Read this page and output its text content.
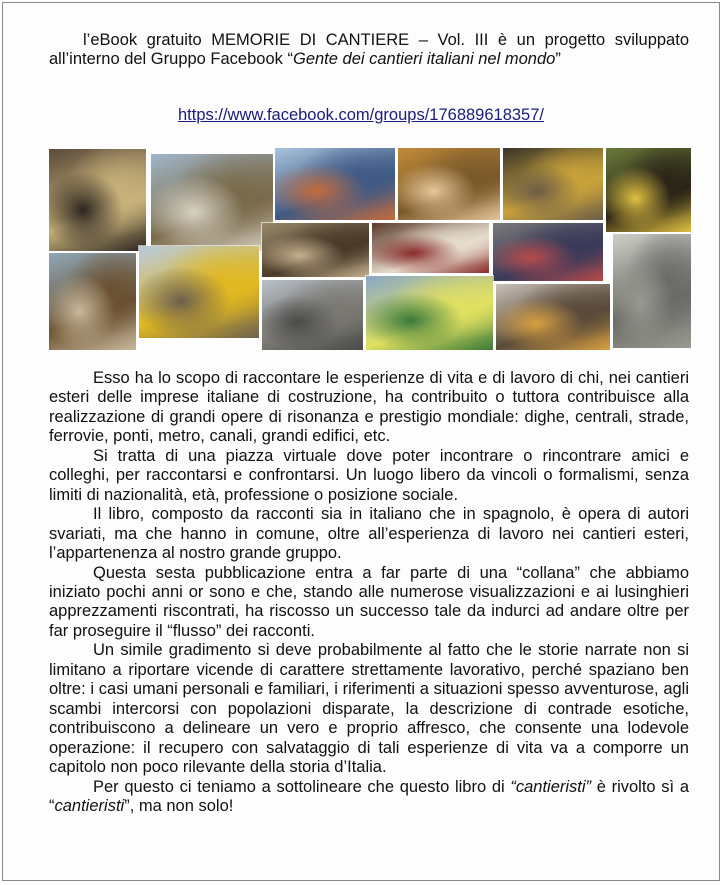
l’eBook gratuito MEMORIE DI CANTIERE – Vol. III è un progetto sviluppato all’interno del Gruppo Facebook “Gente dei cantieri italiani nel mondo”
https://www.facebook.com/groups/176889618357/

Esso ha lo scopo di raccontare le esperienze di vita e di lavoro di chi, nei cantieri esteri delle imprese italiane di costruzione, ha contribuito o tuttora contribuisce alla realizzazione di grandi opere di risonanza e prestigio mondiale: dighe, centrali, strade, ferrovie, ponti, metro, canali, grandi edifici, etc.

Si tratta di una piazza virtuale dove poter incontrare o rincontrare amici e colleghi, per raccontarsi e confrontarsi. Un luogo libero da vincoli o formalismi, senza limiti di nazionalità, età, professione o posizione sociale.

Il libro, composto da racconti sia in italiano che in spagnolo, è opera di autori svariati, ma che hanno in comune, oltre all’esperienza di lavoro nei cantieri esteri, l’appartenenza al nostro grande gruppo.

Questa sesta pubblicazione entra a far parte di una “collana” che abbiamo iniziato pochi anni or sono e che, stando alle numerose visualizzazioni e ai lusinghieri apprezzamenti riscontrati, ha riscosso un successo tale da indurci ad andare oltre per far proseguire il “flusso” dei racconti.

Un simile gradimento si deve probabilmente al fatto che le storie narrate non si limitano a riportare vicende di carattere strettamente lavorativo, perché spaziano ben oltre: i casi umani personali e familiari, i riferimenti a situazioni spesso avventurose, agli scambi intercorsi con popolazioni disparate, la descrizione di contrade esotiche, contribuiscono a delineare un vero e proprio affresco, che consente una lodevole operazione: il recupero con salvataggio di tali esperienze di vita va a comporre un capitolo non poco rilevante della storia d’Italia.

Per questo ci teniamo a sottolineare che questo libro di “cantieristi” è rivolto sì a “cantieristi”, ma non solo!
